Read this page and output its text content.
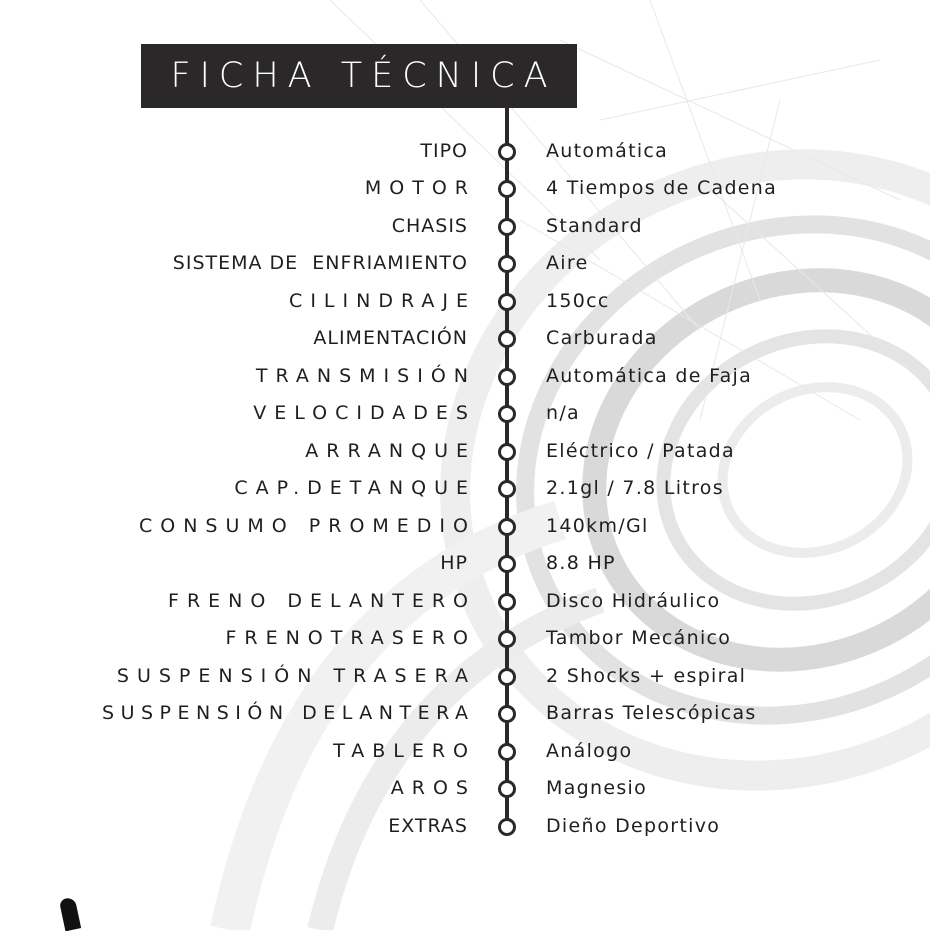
FICHA TÉCNICA
TIPO	Automática
MOTOR	4 Tiempos de Cadena
CHASIS	Standard
SISTEMA DE  ENFRIAMIENTO	Aire
CILINDRAJE	150cc
ALIMENTACIÓN	Carburada
TRANSMISIÓN	Automática de Faja
VELOCIDADES	n/a
ARRANQUE	Eléctrico / Patada
CAP.DETANQUE	2.1gl / 7.8 Litros
CONSUMO PROMEDIO	140km/Gl
HP	8.8 HP
FRENO DELANTERO	Disco Hidráulico
FRENOTRASERO	Tambor Mecánico
SUSPENSIÓN TRASERA	2 Shocks + espiral
SUSPENSIÓN DELANTERA	Barras Telescópicas
TABLERO	Análogo
AROS	Magnesio
EXTRAS	Dieño Deportivo
